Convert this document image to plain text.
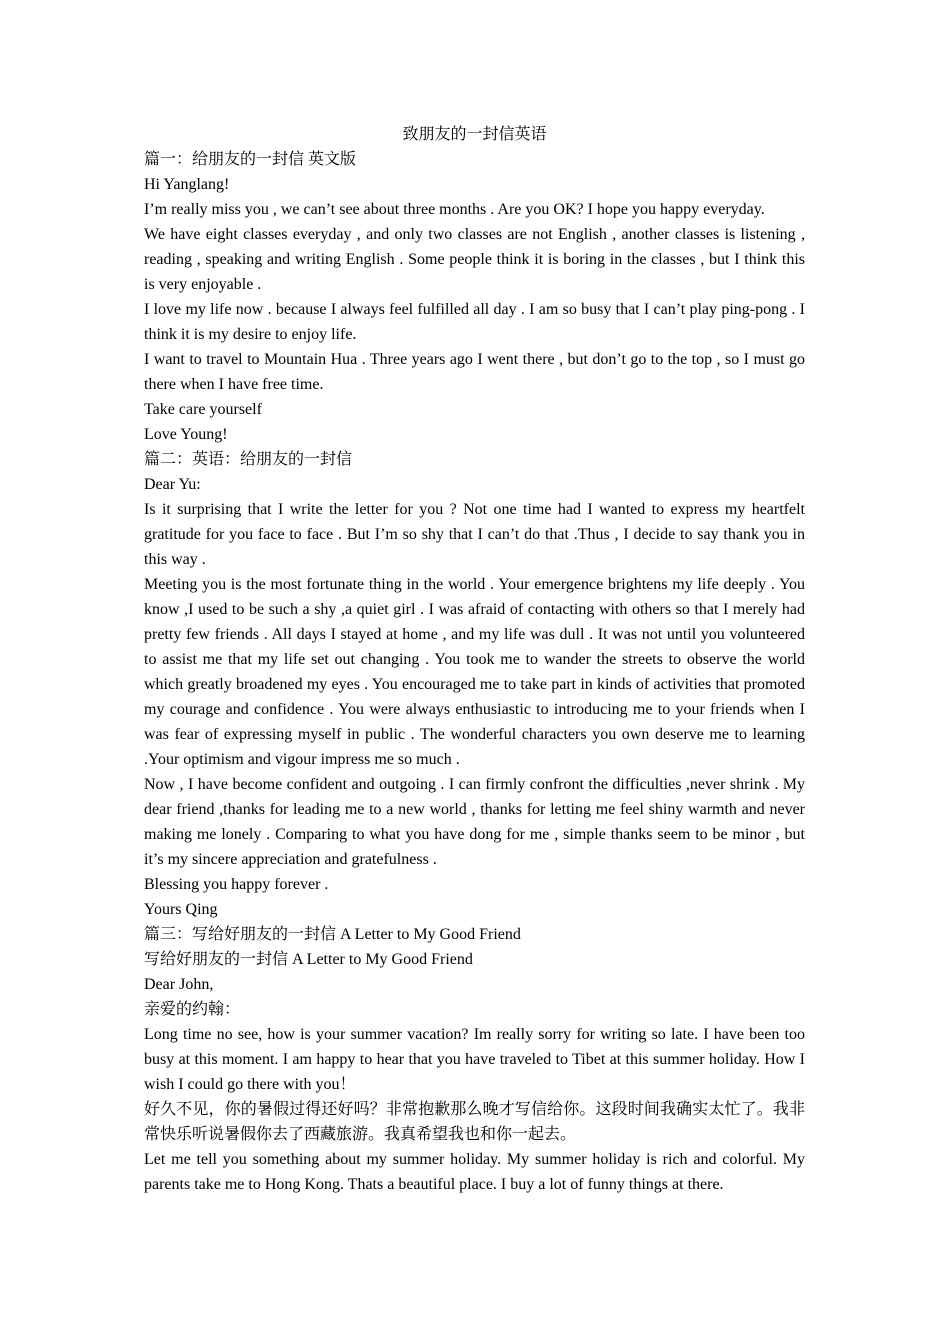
致朋友的一封信英语

篇一：给朋友的一封信 英文版

Hi Yanglang!

I’m really miss you , we can’t see about three months . Are you OK? I hope you happy everyday.

We have eight classes everyday , and only two classes are not English , another classes is listening , reading , speaking and writing English . Some people think it is boring in the classes , but I think this is very enjoyable .

I love my life now . because I always feel fulfilled all day . I am so busy that I can’t play ping-pong . I think it is my desire to enjoy life.

I want to travel to Mountain Hua . Three years ago I went there , but don’t go to the top , so I must go there when I have free time.

Take care yourself

Love Young!

篇二：英语：给朋友的一封信

Dear Yu:

Is it surprising that I write the letter for you ? Not one time had I wanted to express my heartfelt gratitude for you face to face . But I’m so shy that I can’t do that .Thus , I decide to say thank you in this way .

Meeting you is the most fortunate thing in the world . Your emergence brightens my life deeply . You know ,I used to be such a shy ,a quiet girl . I was afraid of contacting with others so that I merely had pretty few friends . All days I stayed at home , and my life was dull . It was not until you volunteered to assist me that my life set out changing . You took me to wander the streets to observe the world which greatly broadened my eyes . You encouraged me to take part in kinds of activities that promoted my courage and confidence . You were always enthusiastic to introducing me to your friends when I was fear of expressing myself in public . The wonderful characters you own deserve me to learning .Your optimism and vigour impress me so much .

Now , I have become confident and outgoing . I can firmly confront the difficulties ,never shrink . My dear friend ,thanks for leading me to a new world , thanks for letting me feel shiny warmth and never making me lonely . Comparing to what you have dong for me , simple thanks seem to be minor , but it’s my sincere appreciation and gratefulness .

Blessing you happy forever .

Yours Qing

篇三：写给好朋友的一封信 A Letter to My Good Friend

写给好朋友的一封信 A Letter to My Good Friend

Dear John,

亲爱的约翰：

Long time no see, how is your summer vacation? Im really sorry for writing so late. I have been too busy at this moment. I am happy to hear that you have traveled to Tibet at this summer holiday. How I wish I could go there with you！

好久不见，你的暑假过得还好吗？非常抱歉那么晚才写信给你。这段时间我确实太忙了。我非常快乐听说暑假你去了西藏旅游。我真希望我也和你一起去。

Let me tell you something about my summer holiday. My summer holiday is rich and colorful. My parents take me to Hong Kong. Thats a beautiful place. I buy a lot of funny things at there.
